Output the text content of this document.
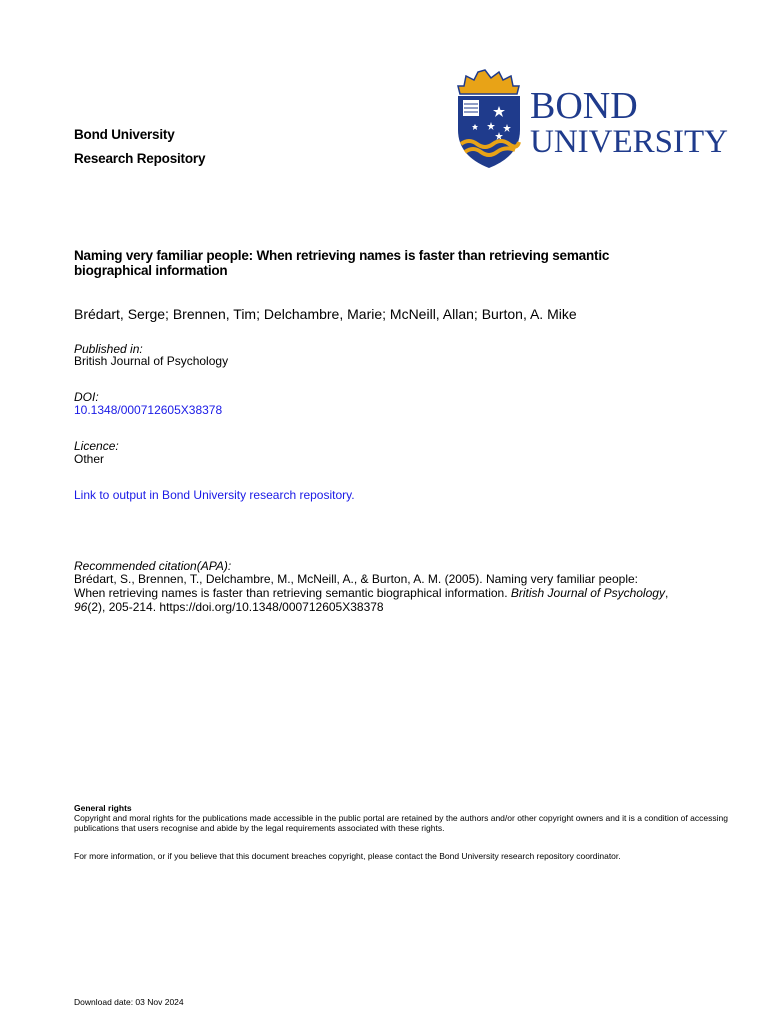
Bond University
Research Repository
BOND
UNIVERSITY
Naming very familiar people: When retrieving names is faster than retrieving semantic
biographical information
Brédart, Serge; Brennen, Tim; Delchambre, Marie; McNeill, Allan; Burton, A. Mike
Published in:
British Journal of Psychology
DOI:
10.1348/000712605X38378
Licence:
Other
Link to output in Bond University research repository.
Recommended citation(APA):
Brédart, S., Brennen, T., Delchambre, M., McNeill, A., & Burton, A. M. (2005). Naming very familiar people:
When retrieving names is faster than retrieving semantic biographical information. British Journal of Psychology,
96(2), 205-214. https://doi.org/10.1348/000712605X38378
General rights
Copyright and moral rights for the publications made accessible in the public portal are retained by the authors and/or other copyright owners and it is a condition of accessing publications that users recognise and abide by the legal requirements associated with these rights.
For more information, or if you believe that this document breaches copyright, please contact the Bond University research repository coordinator.
Download date: 03 Nov 2024
